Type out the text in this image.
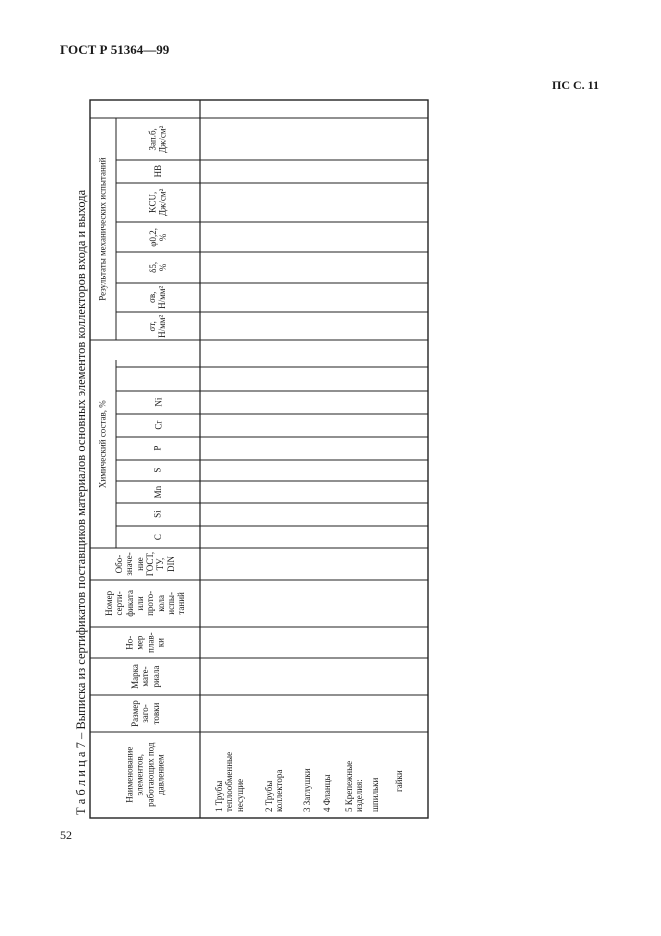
ГОСТ Р 51364—99
ПС С. 11
Т а б л и ц а 7 – Выписка из сертификатов поставщиков материалов основных элементов коллекторов входа и выхода Результаты механических испытаний
Химический состав, %
Зап.б, Дж/см²
НВ
KCU, Дж/см²
φ0,2, %
δ5, %
σв, Н/мм²
σт, Н/мм²
C
Si
Mn
S
P
Cr
Ni
Обо- значе- ние ГОСТ, ТУ, DIN
Номер серти- фиката или прото- кола испы- таний
Но- мер плав- ки
Марка мате- риала
Размер заго- товки
Наименование элементов, работающих под давлением
1 Трубы теплообменные несущие 2 Трубы коллектора 3 Заглушки 4 Фланцы 5 Крепежные изделия: шпильки гайки
52
